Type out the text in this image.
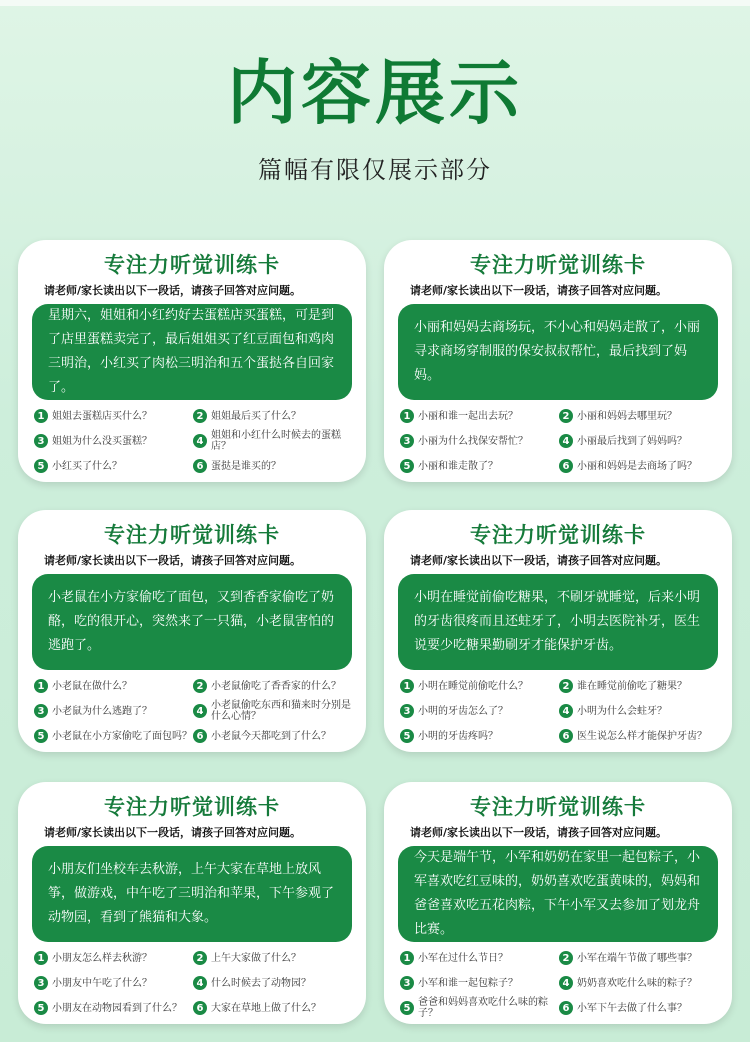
内容展示
篇幅有限仅展示部分
专注力听觉训练卡
请老师/家长读出以下一段话，请孩子回答对应问题。
星期六，姐姐和小红约好去蛋糕店买蛋糕，可是到了店里蛋糕卖完了，最后姐姐买了红豆面包和鸡肉三明治，小红买了肉松三明治和五个蛋挞各自回家了。
1 姐姐去蛋糕店买什么？	2 姐姐最后买了什么？
3 姐姐为什么没买蛋糕？	4 姐姐和小红什么时候去的蛋糕店？
5 小红买了什么？	6 蛋挞是谁买的？
专注力听觉训练卡
请老师/家长读出以下一段话，请孩子回答对应问题。
小丽和妈妈去商场玩，不小心和妈妈走散了，小丽寻求商场穿制服的保安叔叔帮忙，最后找到了妈妈。
1 小丽和谁一起出去玩？	2 小丽和妈妈去哪里玩？
3 小丽为什么找保安帮忙？	4 小丽最后找到了妈妈吗？
5 小丽和谁走散了？	6 小丽和妈妈是去商场了吗？
专注力听觉训练卡
请老师/家长读出以下一段话，请孩子回答对应问题。
小老鼠在小方家偷吃了面包，又到香香家偷吃了奶酪，吃的很开心，突然来了一只猫，小老鼠害怕的逃跑了。
1 小老鼠在做什么？	2 小老鼠偷吃了香香家的什么？
3 小老鼠为什么逃跑了？	4 小老鼠偷吃东西和猫来时分别是什么心情？
5 小老鼠在小方家偷吃了面包吗？ 6 小老鼠今天都吃到了什么？
专注力听觉训练卡
请老师/家长读出以下一段话，请孩子回答对应问题。
小明在睡觉前偷吃糖果，不刷牙就睡觉，后来小明的牙齿很疼而且还蛀牙了，小明去医院补牙，医生说要少吃糖果勤刷牙才能保护牙齿。
1 小明在睡觉前偷吃什么？	2 谁在睡觉前偷吃了糖果？
3 小明的牙齿怎么了？	4 小明为什么会蛀牙？
5 小明的牙齿疼吗？	6 医生说怎么样才能保护牙齿？
专注力听觉训练卡
请老师/家长读出以下一段话，请孩子回答对应问题。
小朋友们坐校车去秋游，上午大家在草地上放风筝，做游戏，中午吃了三明治和苹果，下午参观了动物园，看到了熊猫和大象。
1 小朋友怎么样去秋游？	2 上午大家做了什么？
3 小朋友中午吃了什么？	4 什么时候去了动物园？
5 小朋友在动物园看到了什么？	6 大家在草地上做了什么？
专注力听觉训练卡
请老师/家长读出以下一段话，请孩子回答对应问题。
今天是端午节，小军和奶奶在家里一起包粽子，小军喜欢吃红豆味的，奶奶喜欢吃蛋黄味的，妈妈和爸爸喜欢吃五花肉粽，下午小军又去参加了划龙舟比赛。
1 小军在过什么节日？	2 小军在端午节做了哪些事？
3 小军和谁一起包粽子？	4 奶奶喜欢吃什么味的粽子？
5 爸爸和妈妈喜欢吃什么味的粽子？	6 小军下午去做了什么事？
